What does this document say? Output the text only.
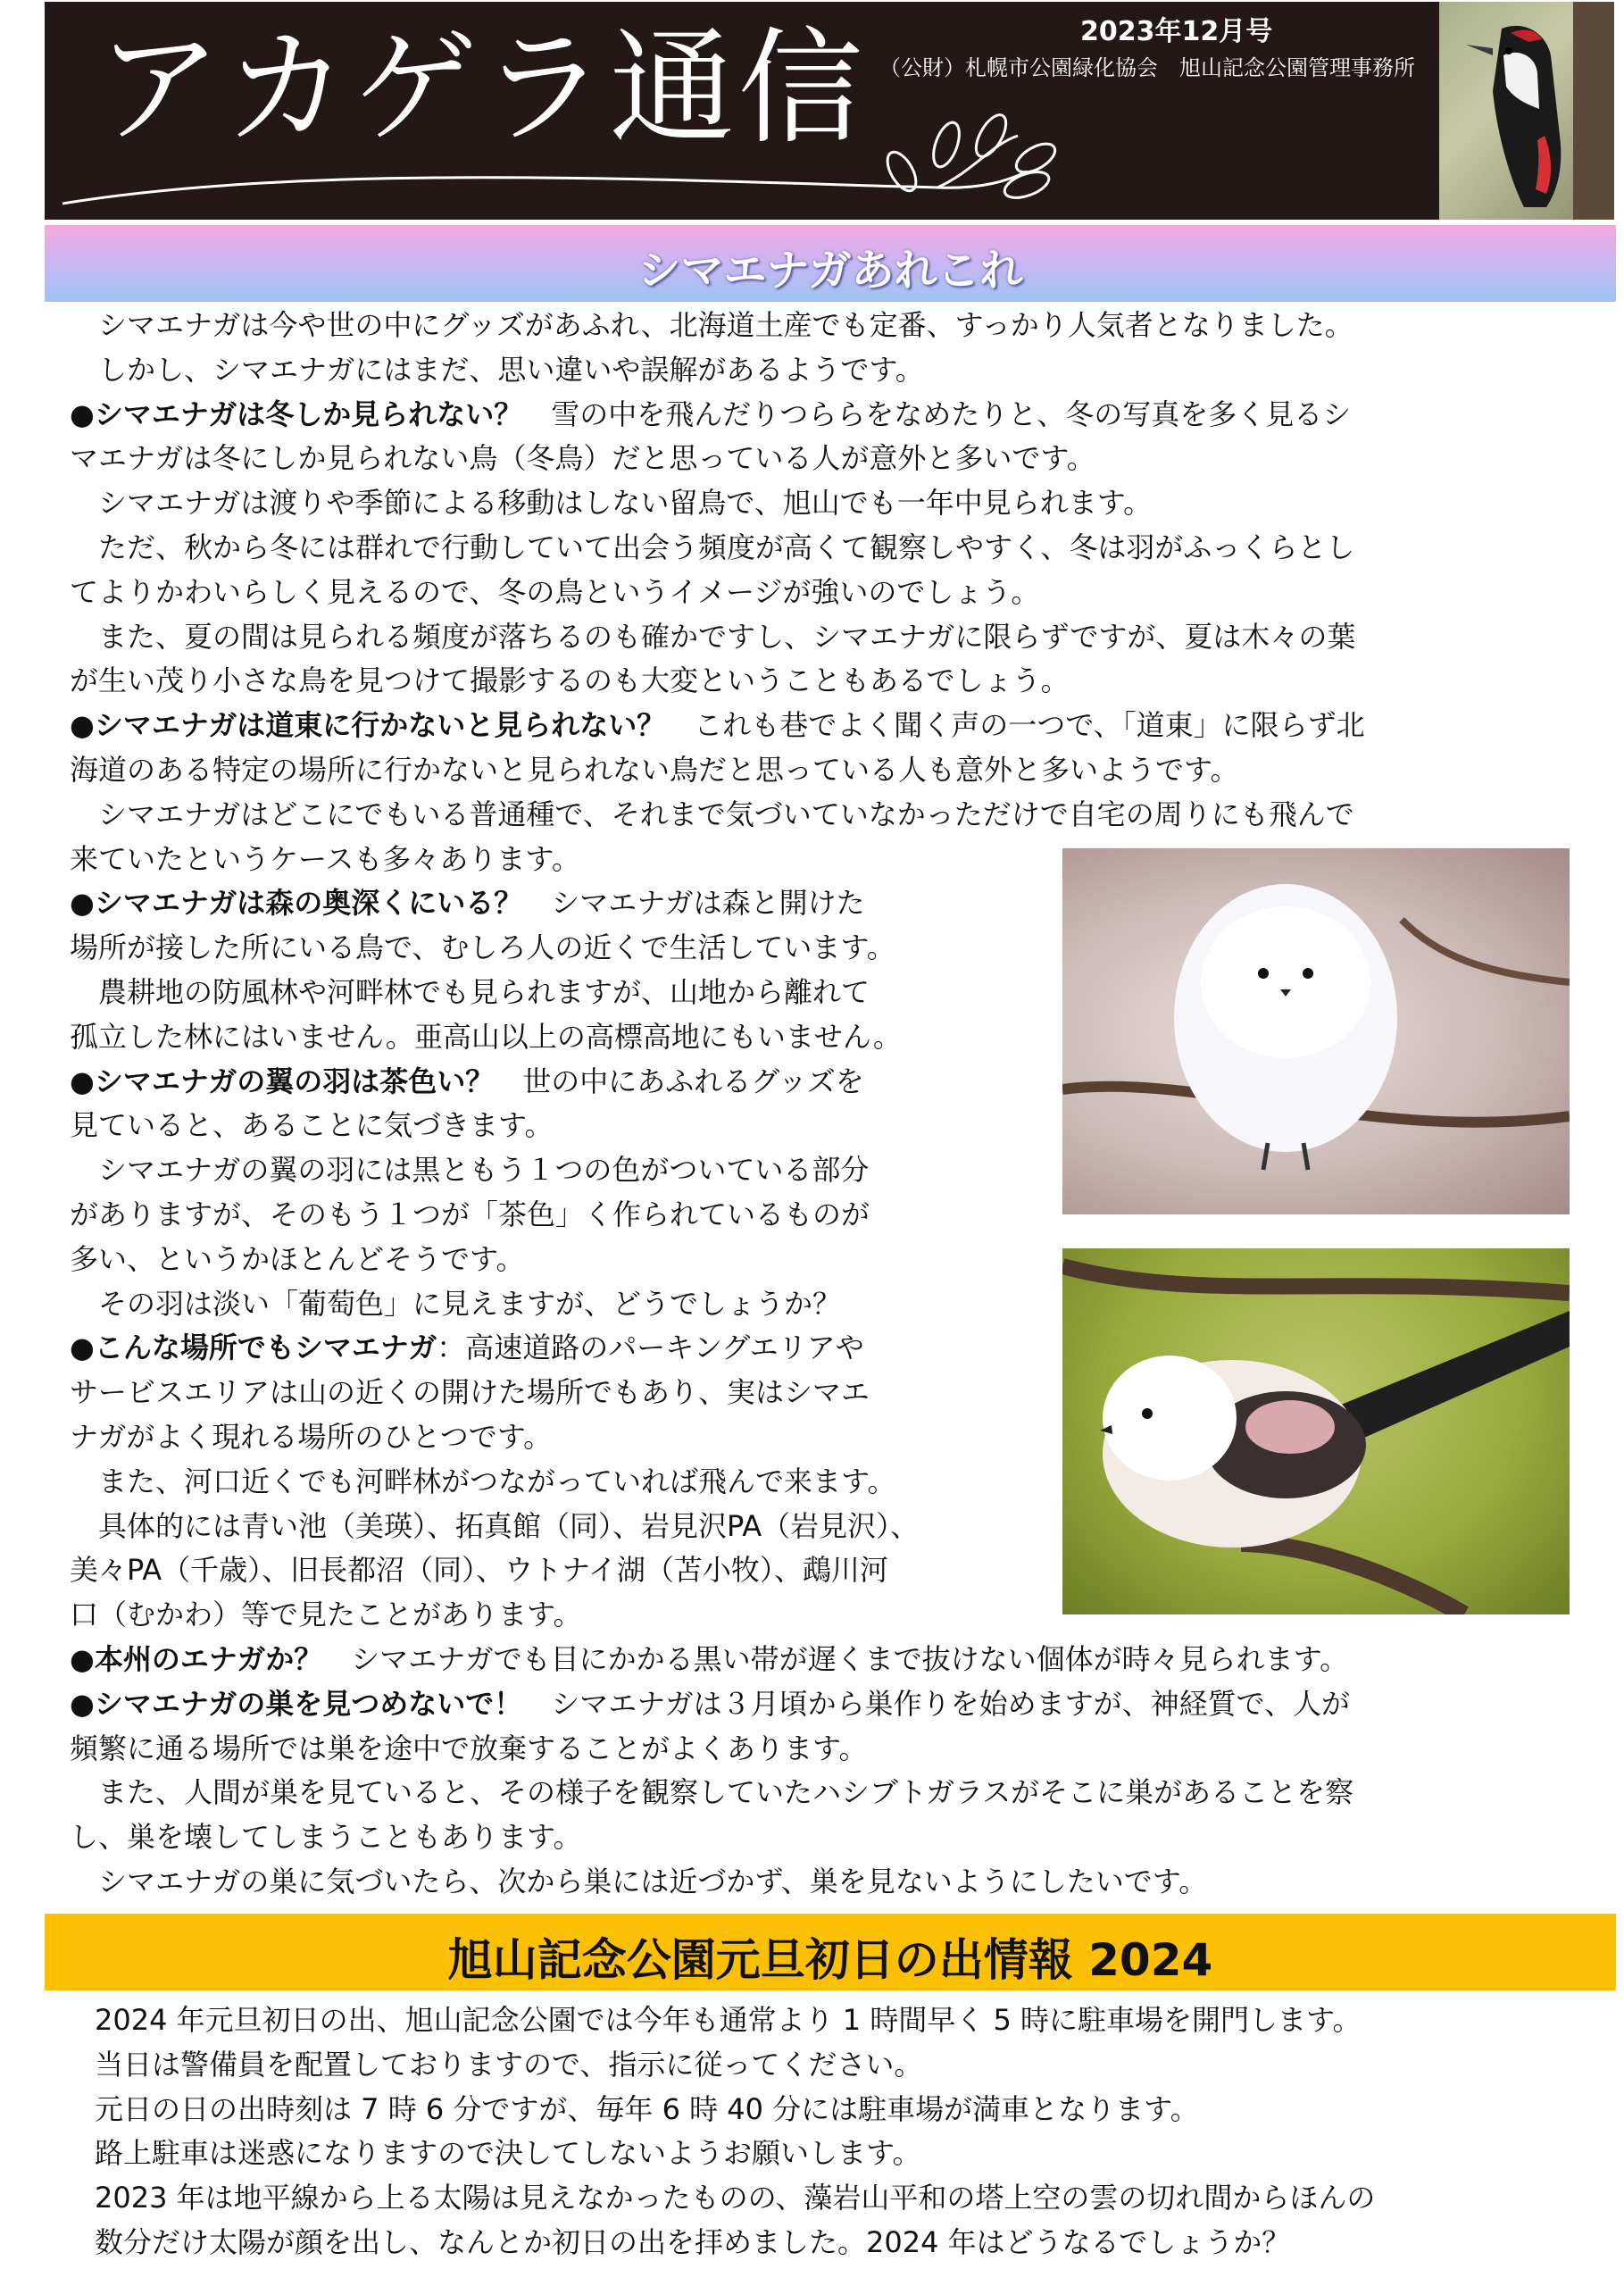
アカゲラ通信	2023年12月号
（公財）札幌市公園緑化協会　旭山記念公園管理事務所
シマエナガあれこれ
　シマエナガは今や世の中にグッズがあふれ、北海道土産でも定番、すっかり人気者となりました。
　しかし、シマエナガにはまだ、思い違いや誤解があるようです。
●シマエナガは冬しか見られない？　雪の中を飛んだりつららをなめたりと、冬の写真を多く見るシ
マエナガは冬にしか見られない鳥（冬鳥）だと思っている人が意外と多いです。
　シマエナガは渡りや季節による移動はしない留鳥で、旭山でも一年中見られます。
　ただ、秋から冬には群れで行動していて出会う頻度が高くて観察しやすく、冬は羽がふっくらとし
てよりかわいらしく見えるので、冬の鳥というイメージが強いのでしょう。
　また、夏の間は見られる頻度が落ちるのも確かですし、シマエナガに限らずですが、夏は木々の葉
が生い茂り小さな鳥を見つけて撮影するのも大変ということもあるでしょう。
●シマエナガは道東に行かないと見られない？　これも巷でよく聞く声の一つで、「道東」に限らず北
海道のある特定の場所に行かないと見られない鳥だと思っている人も意外と多いようです。
　シマエナガはどこにでもいる普通種で、それまで気づいていなかっただけで自宅の周りにも飛んで
来ていたというケースも多々あります。
●シマエナガは森の奥深くにいる？　シマエナガは森と開けた
場所が接した所にいる鳥で、むしろ人の近くで生活しています。
　農耕地の防風林や河畔林でも見られますが、山地から離れて
孤立した林にはいません。亜高山以上の高標高地にもいません。
●シマエナガの翼の羽は茶色い？　世の中にあふれるグッズを
見ていると、あることに気づきます。
　シマエナガの翼の羽には黒ともう１つの色がついている部分
がありますが、そのもう１つが「茶色」く作られているものが
多い、というかほとんどそうです。
　その羽は淡い「葡萄色」に見えますが、どうでしょうか？
●こんな場所でもシマエナガ：高速道路のパーキングエリアや
サービスエリアは山の近くの開けた場所でもあり、実はシマエ
ナガがよく現れる場所のひとつです。
　また、河口近くでも河畔林がつながっていれば飛んで来ます。
　具体的には青い池（美瑛）、拓真館（同）、岩見沢PA（岩見沢）、
美々PA（千歳）、旧長都沼（同）、ウトナイ湖（苫小牧）、鵡川河
口（むかわ）等で見たことがあります。
●本州のエナガか？　シマエナガでも目にかかる黒い帯が遅くまで抜けない個体が時々見られます。
●シマエナガの巣を見つめないで！　シマエナガは３月頃から巣作りを始めますが、神経質で、人が
頻繁に通る場所では巣を途中で放棄することがよくあります。
　また、人間が巣を見ていると、その様子を観察していたハシブトガラスがそこに巣があることを察
し、巣を壊してしまうこともあります。
　シマエナガの巣に気づいたら、次から巣には近づかず、巣を見ないようにしたいです。
旭山記念公園元旦初日の出情報 2024
2024 年元旦初日の出、旭山記念公園では今年も通常より 1 時間早く 5 時に駐車場を開門します。
当日は警備員を配置しておりますので、指示に従ってください。
元日の日の出時刻は 7 時 6 分ですが、毎年 6 時 40 分には駐車場が満車となります。
路上駐車は迷惑になりますので決してしないようお願いします。
2023 年は地平線から上る太陽は見えなかったものの、藻岩山平和の塔上空の雲の切れ間からほんの
数分だけ太陽が顔を出し、なんとか初日の出を拝めました。2024 年はどうなるでしょうか？
